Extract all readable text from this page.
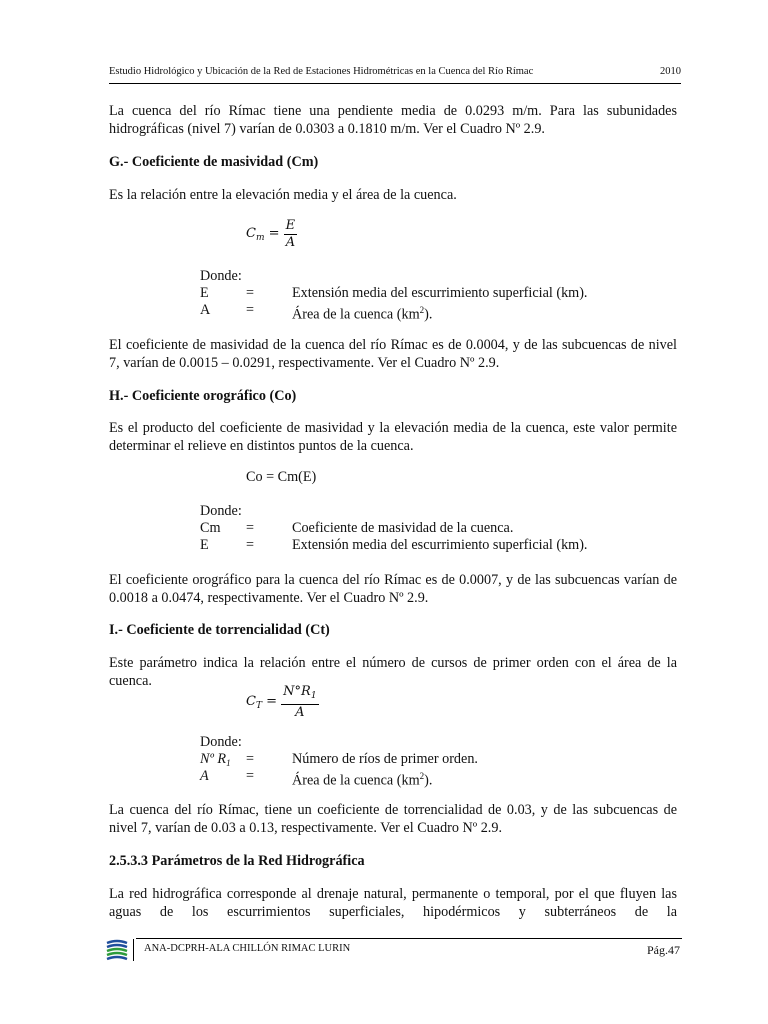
Estudio Hidrológico y Ubicación de la Red de Estaciones Hidrométricas en la Cuenca del Río Rímac	2010
La cuenca del río Rímac tiene una pendiente media de 0.0293 m/m. Para las subunidades hidrográficas (nivel 7) varían de 0.0303 a 0.1810 m/m. Ver el Cuadro Nº 2.9.
G.- Coeficiente de masividad (Cm)
Es la relación entre la elevación media y el área de la cuenca.
$C_m = \frac{E}{A}$
Donde:
E	=	Extensión media del escurrimiento superficial (km).
A	=	Área de la cuenca $(km^2)$.
El coeficiente de masividad de la cuenca del río Rímac es de 0.0004, y de las subcuencas de nivel 7, varían de 0.0015 – 0.0291, respectivamente. Ver el Cuadro Nº 2.9.
H.- Coeficiente orográfico (Co)
Es el producto del coeficiente de masividad y la elevación media de la cuenca, este valor permite determinar el relieve en distintos puntos de la cuenca.
Co = Cm(E)
Donde:
Cm =	Coeficiente de masividad de la cuenca.
E	=	Extensión media del escurrimiento superficial (km).
El coeficiente orográfico para la cuenca del río Rímac es de 0.0007, y de las subcuencas varían de 0.0018 a 0.0474, respectivamente. Ver el Cuadro Nº 2.9.
I.- Coeficiente de torrencialidad (Ct)
Este parámetro indica la relación entre el número de cursos de primer orden con el área de la cuenca.
$C_T = \frac{N^\circ R_1}{A}$
Donde:
Nº $R_1$ =	Número de ríos de primer orden.
A	=	Área de la cuenca $(km^2)$.
La cuenca del río Rímac, tiene un coeficiente de torrencialidad de 0.03, y de las subcuencas de nivel 7, varían de 0.03 a 0.13, respectivamente. Ver el Cuadro Nº 2.9.
2.5.3.3 Parámetros de la Red Hidrográfica
La red hidrográfica corresponde al drenaje natural, permanente o temporal, por el que fluyen las aguas de los escurrimientos superficiales, hipodérmicos y subterráneos de la
ANA-DCPRH-ALA CHILLÓN RIMAC LURIN	Pág.47
